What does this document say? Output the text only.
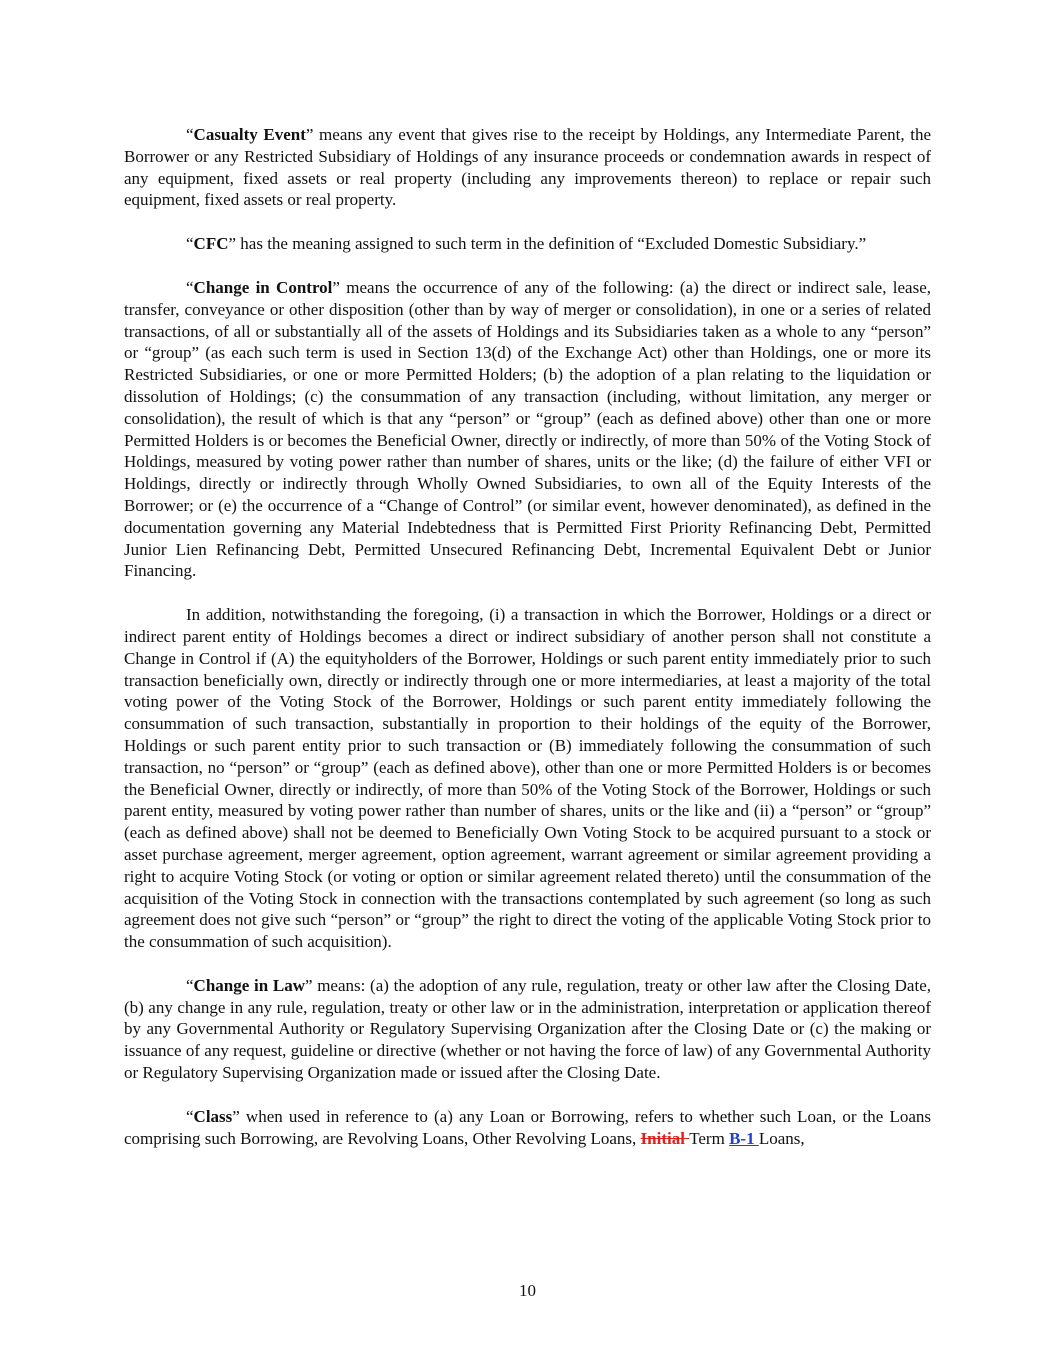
“Casualty Event” means any event that gives rise to the receipt by Holdings, any Intermediate Parent, the Borrower or any Restricted Subsidiary of Holdings of any insurance proceeds or condemnation awards in respect of any equipment, fixed assets or real property (including any improvements thereon) to replace or repair such equipment, fixed assets or real property.

“CFC” has the meaning assigned to such term in the definition of “Excluded Domestic Subsidiary.”

“Change in Control” means the occurrence of any of the following: (a) the direct or indirect sale, lease, transfer, conveyance or other disposition (other than by way of merger or consolidation), in one or a series of related transactions, of all or substantially all of the assets of Holdings and its Subsidiaries taken as a whole to any “person” or “group” (as each such term is used in Section 13(d) of the Exchange Act) other than Holdings, one or more its Restricted Subsidiaries, or one or more Permitted Holders; (b) the adoption of a plan relating to the liquidation or dissolution of Holdings; (c) the consummation of any transaction (including, without limitation, any merger or consolidation), the result of which is that any “person” or “group” (each as defined above) other than one or more Permitted Holders is or becomes the Beneficial Owner, directly or indirectly, of more than 50% of the Voting Stock of Holdings, measured by voting power rather than number of shares, units or the like; (d) the failure of either VFI or Holdings, directly or indirectly through Wholly Owned Subsidiaries, to own all of the Equity Interests of the Borrower; or (e) the occurrence of a “Change of Control” (or similar event, however denominated), as defined in the documentation governing any Material Indebtedness that is Permitted First Priority Refinancing Debt, Permitted Junior Lien Refinancing Debt, Permitted Unsecured Refinancing Debt, Incremental Equivalent Debt or Junior Financing.

In addition, notwithstanding the foregoing, (i) a transaction in which the Borrower, Holdings or a direct or indirect parent entity of Holdings becomes a direct or indirect subsidiary of another person shall not constitute a Change in Control if (A) the equityholders of the Borrower, Holdings or such parent entity immediately prior to such transaction beneficially own, directly or indirectly through one or more intermediaries, at least a majority of the total voting power of the Voting Stock of the Borrower, Holdings or such parent entity immediately following the consummation of such transaction, substantially in proportion to their holdings of the equity of the Borrower, Holdings or such parent entity prior to such transaction or (B) immediately following the consummation of such transaction, no “person” or “group” (each as defined above), other than one or more Permitted Holders is or becomes the Beneficial Owner, directly or indirectly, of more than 50% of the Voting Stock of the Borrower, Holdings or such parent entity, measured by voting power rather than number of shares, units or the like and (ii) a “person” or “group” (each as defined above) shall not be deemed to Beneficially Own Voting Stock to be acquired pursuant to a stock or asset purchase agreement, merger agreement, option agreement, warrant agreement or similar agreement providing a right to acquire Voting Stock (or voting or option or similar agreement related thereto) until the consummation of the acquisition of the Voting Stock in connection with the transactions contemplated by such agreement (so long as such agreement does not give such “person” or “group” the right to direct the voting of the applicable Voting Stock prior to the consummation of such acquisition).

“Change in Law” means: (a) the adoption of any rule, regulation, treaty or other law after the Closing Date, (b) any change in any rule, regulation, treaty or other law or in the administration, interpretation or application thereof by any Governmental Authority or Regulatory Supervising Organization after the Closing Date or (c) the making or issuance of any request, guideline or directive (whether or not having the force of law) of any Governmental Authority or Regulatory Supervising Organization made or issued after the Closing Date.

“Class” when used in reference to (a) any Loan or Borrowing, refers to whether such Loan, or the Loans comprising such Borrowing, are Revolving Loans, Other Revolving Loans, Initial Term B-1 Loans,

10
